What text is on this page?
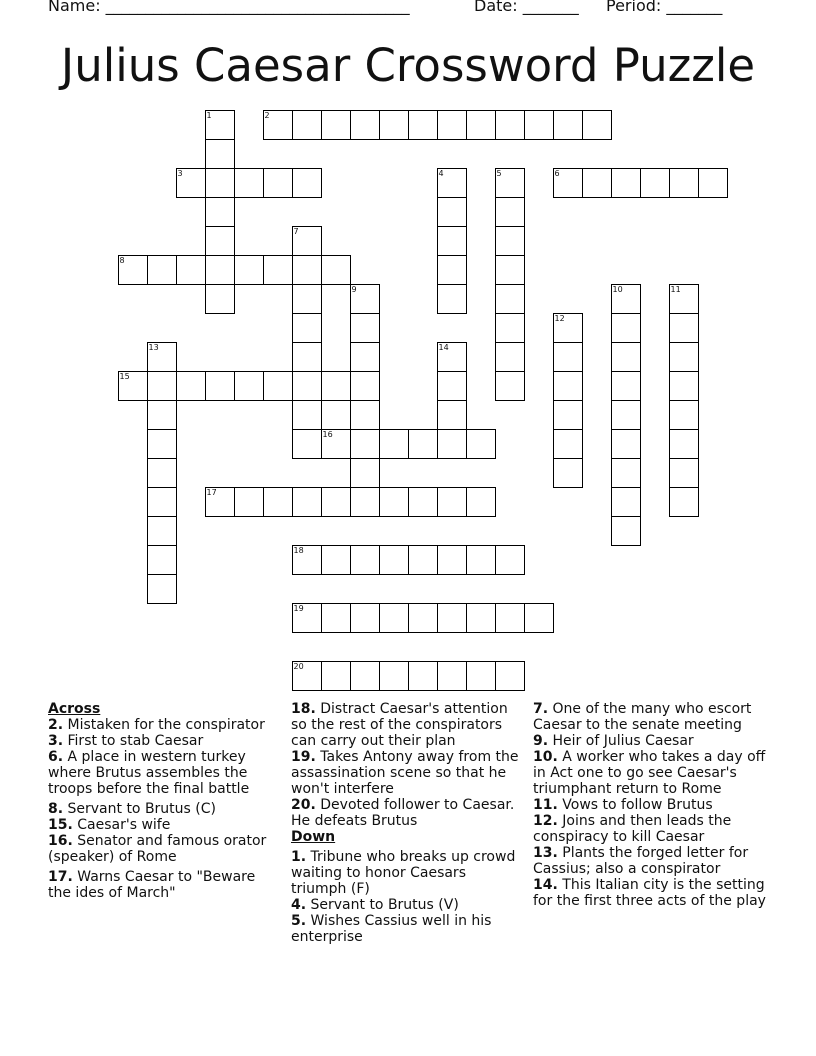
Name: ______________________________________	Date: _______ Period: _______
Julius Caesar Crossword Puzzle
1	2
3	4	5	6
7
8
9	10	11
12
13	14
15
16
17
18
19
20

Across

2. Mistaken for the conspirator

3. First to stab Caesar

6. A place in western turkey where Brutus assembles the troops before the final battle

8. Servant to Brutus (C)

15. Caesar's wife

16. Senator and famous orator (speaker) of Rome

17. Warns Caesar to "Beware the ides of March"

18. Distract Caesar's attention so the rest of the conspirators can carry out their plan

19. Takes Antony away from the assassination scene so that he won't interfere

20. Devoted follower to Caesar. He defeats Brutus

Down

1. Tribune who breaks up crowd waiting to honor Caesars triumph (F)

4. Servant to Brutus (V)

5. Wishes Cassius well in his enterprise

7. One of the many who escort Caesar to the senate meeting

9. Heir of Julius Caesar

10. A worker who takes a day off in Act one to go see Caesar's triumphant return to Rome

11. Vows to follow Brutus

12. Joins and then leads the conspiracy to kill Caesar

13. Plants the forged letter for Cassius; also a conspirator

14. This Italian city is the setting for the first three acts of the play
